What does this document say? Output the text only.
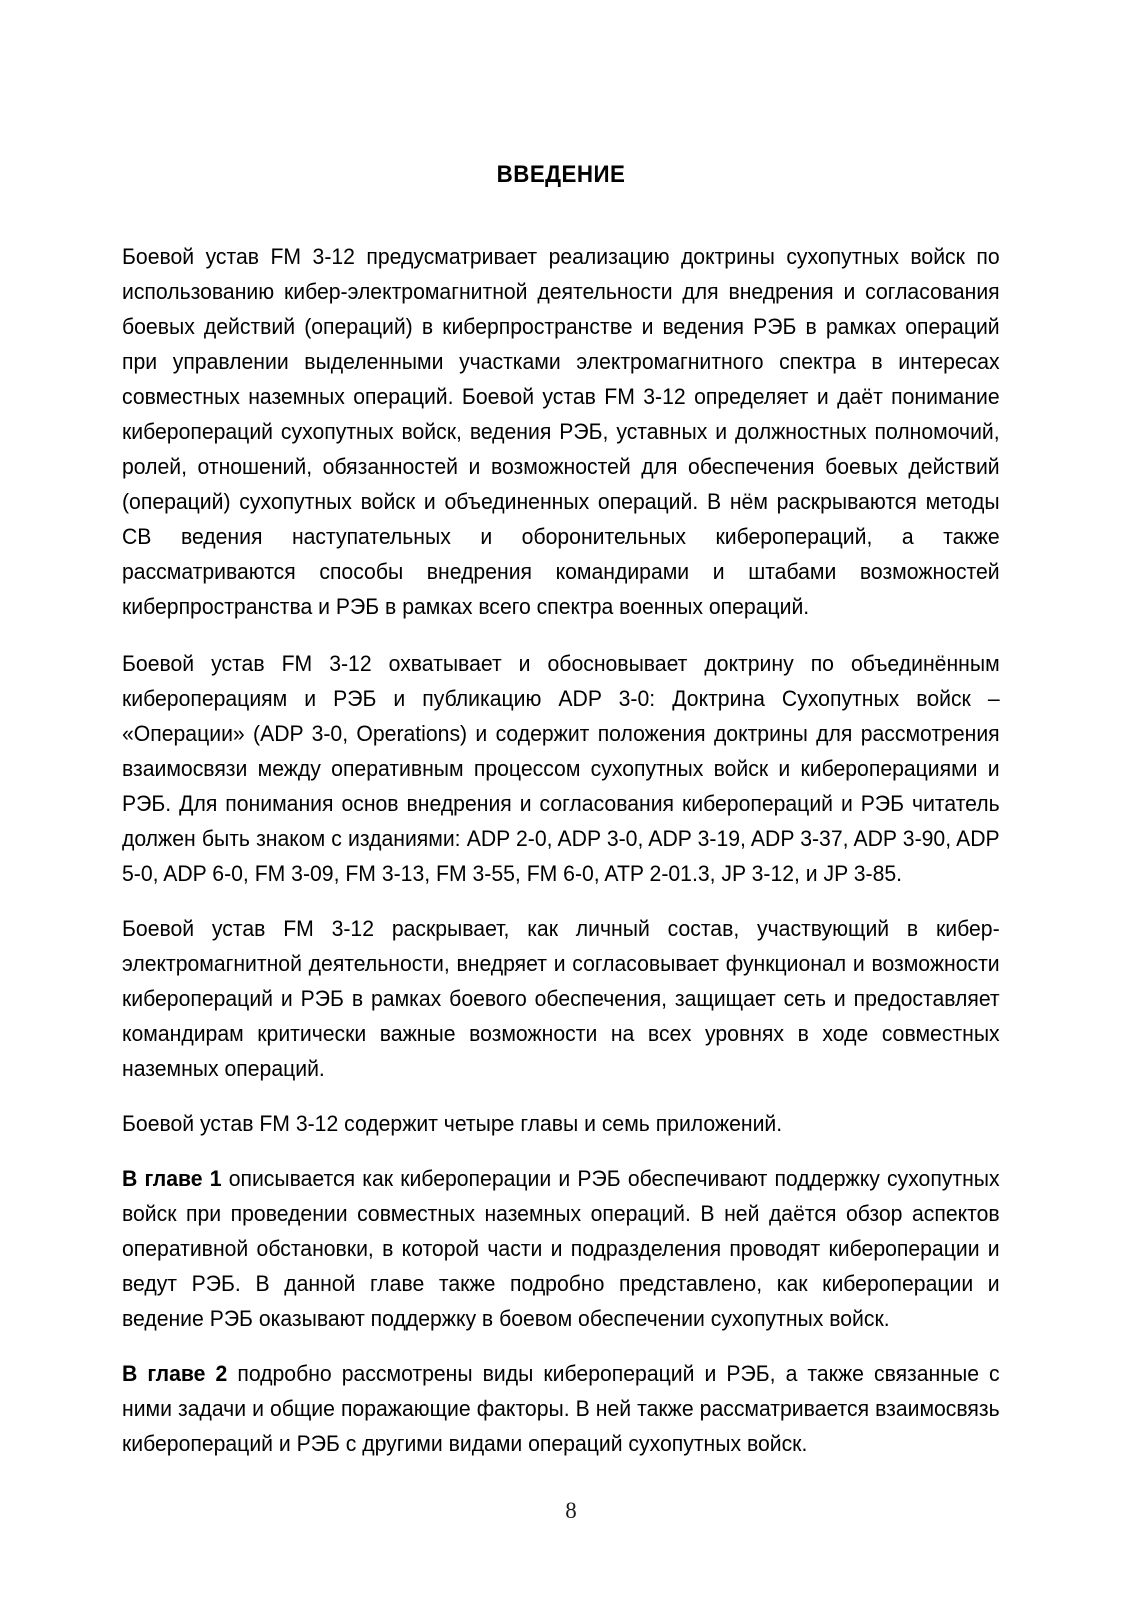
ВВЕДЕНИЕ

Боевой устав FM 3-12 предусматривает реализацию доктрины сухопутных войск по использованию кибер-электромагнитной деятельности для внедрения и согласования боевых действий (операций) в киберпространстве и ведения РЭБ в рамках операций при управлении выделенными участками электромагнитного спектра в интересах совместных наземных операций. Боевой устав FM 3-12 определяет и даёт понимание киберопераций сухопутных войск, ведения РЭБ, уставных и должностных полномочий, ролей, отношений, обязанностей и возможностей для обеспечения боевых действий (операций) сухопутных войск и объединенных операций. В нём раскрываются методы СВ ведения наступательных и оборонительных киберопераций, а также рассматриваются способы внедрения командирами и штабами возможностей киберпространства и РЭБ в рамках всего спектра военных операций.

Боевой устав FM 3-12 охватывает и обосновывает доктрину по объединённым киберопеpациям и РЭБ и публикацию ADP 3-0: Доктрина Сухопутных войск – «Операции» (ADP 3-0, Operations) и содержит положения доктрины для рассмотрения взаимосвязи между оперативным процессом сухопутных войск и кибероперациями и РЭБ. Для понимания основ внедрения и согласования киберопераций и РЭБ читатель должен быть знаком с изданиями: ADP 2-0, ADP 3-0, ADP 3-19, ADP 3-37, ADP 3-90, ADP 5-0, ADP 6-0, FM 3-09, FM 3-13, FM 3-55, FM 6-0, ATP 2-01.3, JP 3-12, и JP 3-85.

Боевой устав FM 3-12 раскрывает, как личный состав, участвующий в кибер-электромагнитной деятельности, внедряет и согласовывает функционал и возможности киберопераций и РЭБ в рамках боевого обеспечения, защищает сеть и предоставляет командирам критически важные возможности на всех уровнях в ходе совместных наземных операций.

Боевой устав FM 3-12 содержит четыре главы и семь приложений.

В главе 1 описывается как кибероперации и РЭБ обеспечивают поддержку сухопутных войск при проведении совместных наземных операций. В ней даётся обзор аспектов оперативной обстановки, в которой части и подразделения проводят кибероперации и ведут РЭБ. В данной главе также подробно представлено, как кибероперации и ведение РЭБ оказывают поддержку в боевом обеспечении сухопутных войск.

В главе 2 подробно рассмотрены виды киберопераций и РЭБ, а также связанные с ними задачи и общие поражающие факторы. В ней также рассматривается взаимосвязь киберопераций и РЭБ с другими видами операций сухопутных войск.

8
